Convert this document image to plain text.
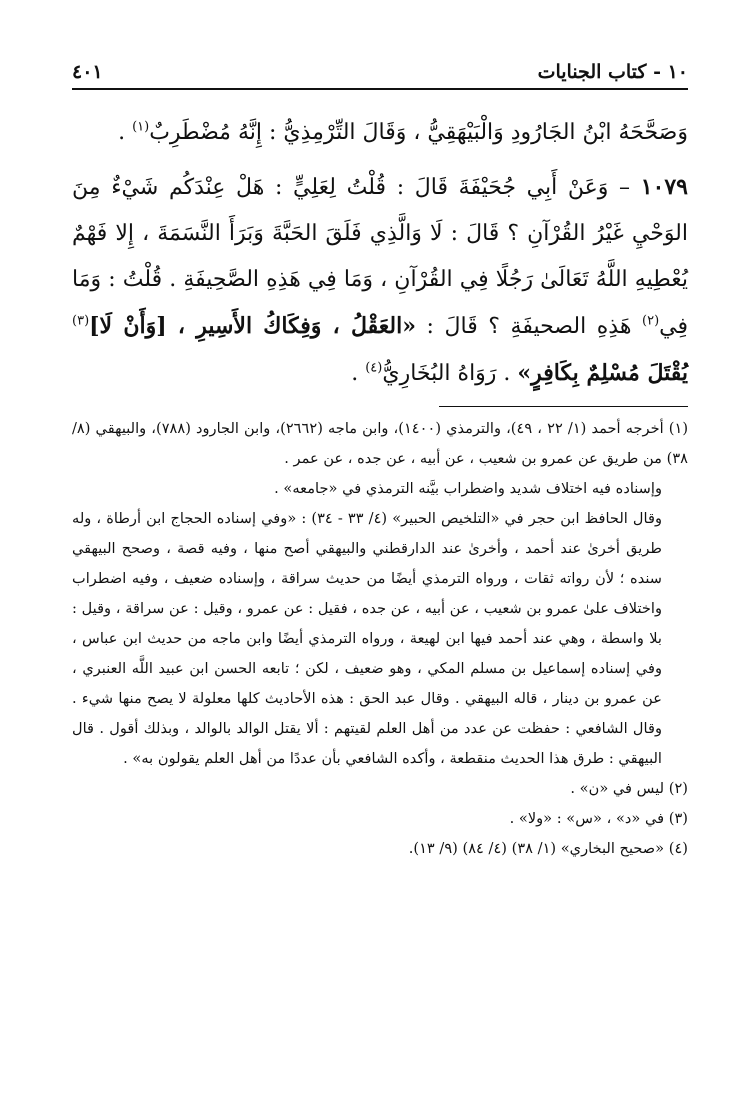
١٠ - كتاب الجنايات
٤٠١

وَصَحَّحَهُ ابْنُ الجَارُودِ وَالْبَيْهَقِيُّ ، وَقَالَ التِّرْمِذِيُّ : إِنَّهُ مُضْطَرِبٌ$^{(١)}$ .

١٠٧٩ – وَعَنْ أَبِي جُحَيْفَةَ قَالَ : قُلْتُ لِعَلِيٍّ : هَلْ عِنْدَكُم شَيْءٌ مِنَ الوَحْيِ غَيْرُ القُرْآنِ ؟ قَالَ : لَا وَالَّذِي فَلَقَ الحَبَّةَ وَبَرَأَ النَّسَمَةَ ، إِلا فَهْمٌ يُعْطِيهِ اللَّهُ تَعَالَىٰ رَجُلًا فِي القُرْآنِ ، وَمَا فِي هَذِهِ الصَّحِيفَةِ . قُلْتُ : وَمَا فِي$^{(٢)}$ هَذِهِ الصحيفَةِ ؟ قَالَ : «العَقْلُ ، وَفِكَاكُ الأَسِيرِ ، [وَأَنْ لَا]$^{(٣)}$ يُقْتَلَ مُسْلِمٌ بِكَافِرٍ» . رَوَاهُ البُخَارِيُّ$^{(٤)}$ .

(١) أخرجه أحمد (١/ ٢٢ ، ٤٩)، والترمذي (١٤٠٠)، وابن ماجه (٢٦٦٢)، وابن الجارود (٧٨٨)، والبيهقي (٨/ ٣٨) من طريق عن عمرو بن شعيب ، عن أبيه ، عن جده ، عن عمر .

وإسناده فيه اختلاف شديد واضطراب بيَّنه الترمذي في «جامعه» .

وقال الحافظ ابن حجر في «التلخيص الحبير» (٤/ ٣٣ - ٣٤) : «وفي إسناده الحجاج ابن أرطاة ، وله طريق أخرىٰ عند أحمد ، وأخرىٰ عند الدارقطني والبيهقي أصح منها ، وفيه قصة ، وصحح البيهقي سنده ؛ لأن رواته ثقات ، ورواه الترمذي أيضًا من حديث سراقة ، وإسناده ضعيف ، وفيه اضطراب واختلاف علىٰ عمرو بن شعيب ، عن أبيه ، عن جده ، فقيل : عن عمرو ، وقيل : عن سراقة ، وقيل : بلا واسطة ، وهي عند أحمد فيها ابن لهيعة ، ورواه الترمذي أيضًا وابن ماجه من حديث ابن عباس ، وفي إسناده إسماعيل بن مسلم المكي ، وهو ضعيف ، لكن ؛ تابعه الحسن ابن عبيد اللَّه العنبري ، عن عمرو بن دينار ، قاله البيهقي . وقال عبد الحق : هذه الأحاديث كلها معلولة لا يصح منها شيء . وقال الشافعي : حفظت عن عدد من أهل العلم لقيتهم : ألا يقتل الوالد بالوالد ، وبذلك أقول . قال البيهقي : طرق هذا الحديث منقطعة ، وأكده الشافعي بأن عددًا من أهل العلم يقولون به» .

(٢) ليس في «ن» .

(٣) في «د» ، «س» : «ولا» .

(٤) «صحيح البخاري» (١/ ٣٨) (٤/ ٨٤) (٩/ ١٣).
